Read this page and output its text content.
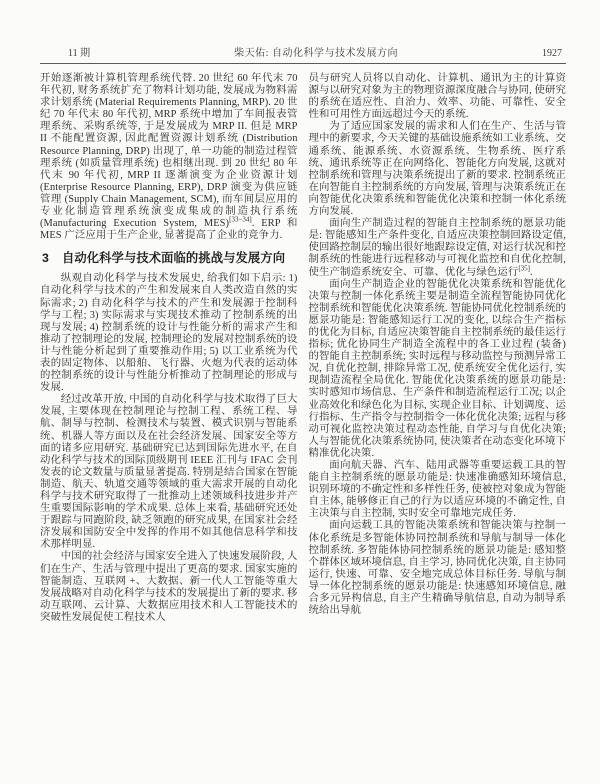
11 期	柴天佑: 自动化科学与技术发展方向	1927

开始逐渐被计算机管理系统代替. 20 世纪 60 年代末 70 年代初, 财务系统扩充了物料计划功能, 发展成为物料需求计划系统 (Material Requirements Planning, MRP). 20 世纪 70 年代末 80 年代初, MRP 系统中增加了车间报表管理系统、采购系统等, 于是发展成为 MRP II. 但是 MRP II 不能配置资源, 因此配置资源计划系统 (Distribution Resource Planning, DRP) 出现了, 单一功能的制造过程管理系统 (如质量管理系统) 也相继出现. 到 20 世纪 80 年代末 90 年代初, MRP II 逐渐演变为企业资源计划 (Enterprise Resource Planning, ERP), DRP 演变为供应链管理 (Supply Chain Management, SCM), 而车间层应用的专业化制造管理系统演变成集成的制造执行系统 (Manufacturing Execution System, MES)[33−34]. ERP 和 MES 广泛应用于生产企业, 显著提高了企业的竞争力.

3	自动化科学与技术面临的挑战与发展方向

纵观自动化科学与技术发展史, 给我们如下启示: 1) 自动化科学与技术的产生和发展来自人类改造自然的实际需求; 2) 自动化科学与技术的产生和发展源于控制科学与工程; 3) 实际需求与实现技术推动了控制系统的出现与发展; 4) 控制系统的设计与性能分析的需求产生和推动了控制理论的发展, 控制理论的发展对控制系统的设计与性能分析起到了重要推动作用; 5) 以工业系统为代表的固定物体、以船舶、飞行器、火炮为代表的运动体的控制系统的设计与性能分析推动了控制理论的形成与发展.

经过改革开放, 中国的自动化科学与技术取得了巨大发展, 主要体现在控制理论与控制工程、系统工程、导航、制导与控制、检测技术与装置、模式识别与智能系统、机器人等方面以及在社会经济发展、国家安全等方面的诸多应用研究. 基础研究已达到国际先进水平, 在自动化科学与技术的国际顶级期刊 IEEE 汇刊与 IFAC 会刊发表的论文数量与质量显著提高. 特别是结合国家在智能制造、航天、轨道交通等领域的重大需求开展的自动化科学与技术研究取得了一批推动上述领域科技进步并产生重要国际影响的学术成果. 总体上来看, 基础研究还处于跟踪与同跑阶段, 缺乏领跑的研究成果, 在国家社会经济发展和国防安全中发挥的作用不如其他信息科学和技术那样明显.

中国的社会经济与国家安全进入了快速发展阶段, 人们在生产、生活与管理中提出了更高的要求. 国家实施的智能制造、互联网 +、大数据、新一代人工智能等重大发展战略对自动化科学与技术的发展提出了新的要求. 移动互联网、云计算、大数据应用技术和人工智能技术的突破性发展促使工程技术人

员与研究人员将以自动化、计算机、通讯为主的计算资源与以研究对象为主的物理资源深度融合与协同, 使研究的系统在适应性、自治力、效率、功能、可靠性、安全性和可用性方面远超过今天的系统.

为了适应国家发展的需求和人们在生产、生活与管理中的新要求, 今天关键的基础设施系统如工业系统、交通系统、能源系统、水资源系统、生物系统、医疗系统、通讯系统等正在向网络化、智能化方向发展, 这就对控制系统和管理与决策系统提出了新的要求. 控制系统正在向智能自主控制系统的方向发展, 管理与决策系统正在向智能优化决策系统和智能优化决策和控制一体化系统方向发展.

面向生产制造过程的智能自主控制系统的愿景功能是: 智能感知生产条件变化, 自适应决策控制回路设定值, 使回路控制层的输出很好地跟踪设定值, 对运行状况和控制系统的性能进行远程移动与可视化监控和自优化控制, 使生产制造系统安全、可靠、优化与绿色运行[35].

面向生产制造企业的智能优化决策系统和智能优化决策与控制一体化系统主要是制造全流程智能协同优化控制系统和智能优化决策系统. 智能协同优化控制系统的愿景功能是: 智能感知运行工况的变化, 以综合生产指标的优化为目标, 自适应决策智能自主控制系统的最佳运行指标; 优化协同生产制造全流程中的各工业过程 (装备) 的智能自主控制系统; 实时远程与移动监控与预测异常工况, 自优化控制, 排除异常工况, 使系统安全优化运行, 实现制造流程全局优化. 智能优化决策系统的愿景功能是: 实时感知市场信息、生产条件和制造流程运行工况; 以企业高效化和绿色化为目标, 实现企业目标、计划调度、运行指标、生产指令与控制指令一体化优化决策; 远程与移动可视化监控决策过程动态性能, 自学习与自优化决策; 人与智能优化决策系统协同, 使决策者在动态变化环境下精准优化决策.

面向航天器、汽车、陆用武器等重要运载工具的智能自主控制系统的愿景功能是: 快速准确感知环境信息, 识别环境的不确定性和多样性任务, 使被控对象成为智能自主体, 能够修正自己的行为以适应环境的不确定性, 自主决策与自主控制, 实时安全可靠地完成任务.

面向运载工具的智能决策系统和智能决策与控制一体化系统是多智能体协同控制系统和导航与制导一体化控制系统. 多智能体协同控制系统的愿景功能是: 感知整个群体区域环境信息, 自主学习, 协同优化决策, 自主协同运行, 快速、可靠、安全地完成总体目标任务. 导航与制导一体化控制系统的愿景功能是: 快速感知环境信息, 融合多元异构信息, 自主产生精确导航信息, 自动为制导系统给出导航
